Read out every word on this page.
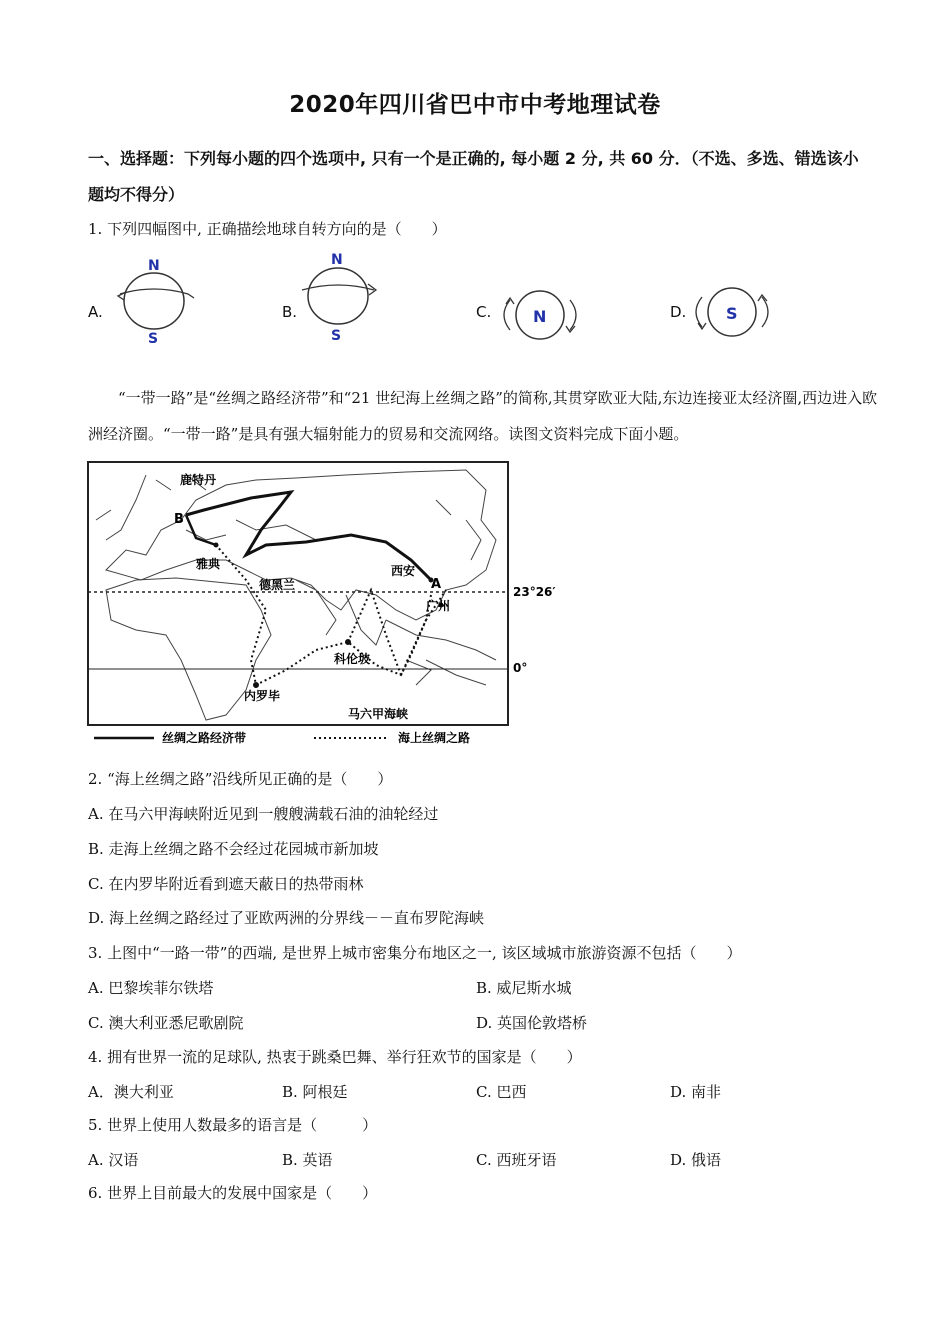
2020年四川省巴中市中考地理试卷
一、选择题：下列每小题的四个选项中, 只有一个是正确的, 每小题 2 分, 共 60 分．（不选、多选、错选该小题均不得分）
1. 下列四幅图中, 正确描绘地球自转方向的是（　　）
A.
N
S
B.
N
S
C.	N	D. S
“一带一路”是“丝绸之路经济带”和“21 世纪海上丝绸之路”的简称,其贯穿欧亚大陆,东边连接亚太经济圈,西边进入欧洲经济圈。“一带一路”是具有强大辐射能力的贸易和交流网络。读图文资料完成下面小题。
鹿特丹
B
雅典
德黑兰
西安
A
广州
科伦坡
内罗毕
马六甲海峡
23°26′
0°
丝绸之路经济带	海上丝绸之路
2. “海上丝绸之路”沿线所见正确的是（　　）
A. 在马六甲海峡附近见到一艘艘满载石油的油轮经过
B. 走海上丝绸之路不会经过花园城市新加坡
C. 在内罗毕附近看到遮天蔽日的热带雨林
D. 海上丝绸之路经过了亚欧两洲的分界线－－直布罗陀海峡
3. 上图中“一路一带”的西端, 是世界上城市密集分布地区之一, 该区域城市旅游资源不包括（　　）
A. 巴黎埃菲尔铁塔	B. 威尼斯水城
C. 澳大利亚悉尼歌剧院	D. 英国伦敦塔桥
4. 拥有世界一流的足球队, 热衷于跳桑巴舞、举行狂欢节的国家是（　　）
A．澳大利亚	B. 阿根廷	C. 巴西	D. 南非
5. 世界上使用人数最多的语言是（　　　）
A. 汉语	B. 英语	C. 西班牙语	D. 俄语
6. 世界上目前最大的发展中国家是（　　）
